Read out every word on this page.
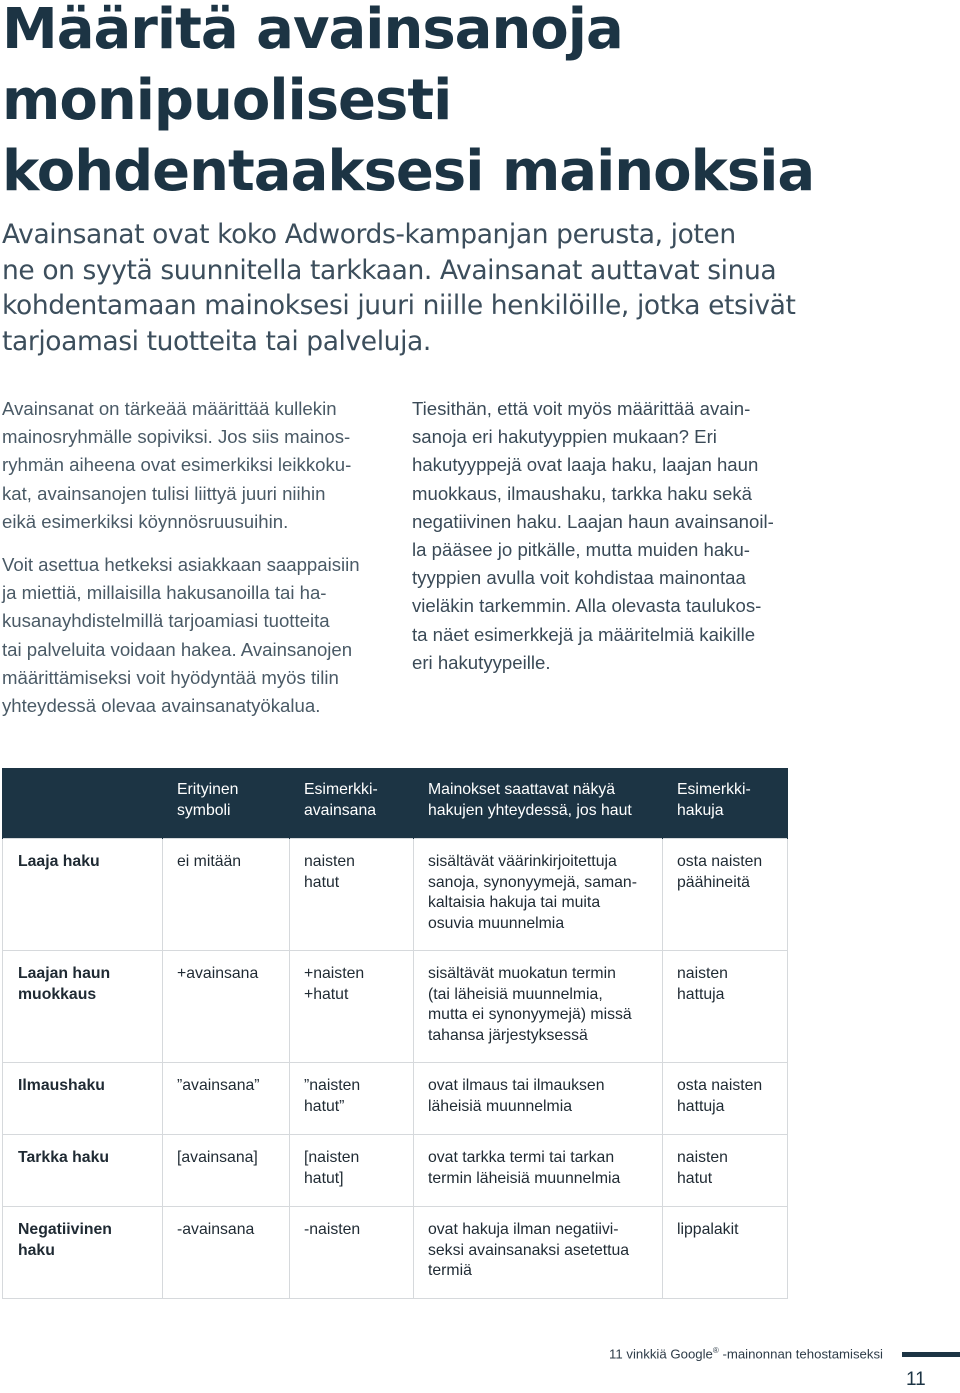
Määritä avainsanoja
monipuolisesti
kohdentaaksesi mainoksia

Avainsanat ovat koko Adwords-kampanjan perusta, joten
ne on syytä suunnitella tarkkaan. Avainsanat auttavat sinua
kohdentamaan mainoksesi juuri niille henkilöille, jotka etsivät
tarjoamasi tuotteita tai palveluja.

Avainsanat on tärkeää määrittää kullekin
mainosryhmälle sopiviksi. Jos siis mainos-
ryhmän aiheena ovat esimerkiksi leikkoku-
kat, avainsanojen tulisi liittyä juuri niihin
eikä esimerkiksi köynnösruusuihin.

Voit asettua hetkeksi asiakkaan saappaisiin
ja miettiä, millaisilla hakusanoilla tai ha-
kusanayhdistelmillä tarjoamiasi tuotteita
tai palveluita voidaan hakea. Avainsanojen
määrittämiseksi voit hyödyntää myös tilin
yhteydessä olevaa avainsanatyökalua.

Tiesithän, että voit myös määrittää avain-
sanoja eri hakutyyppien mukaan? Eri
hakutyyppejä ovat laaja haku, laajan haun
muokkaus, ilmaushaku, tarkka haku sekä
negatiivinen haku. Laajan haun avainsanoil-
la pääsee jo pitkälle, mutta muiden haku-
tyyppien avulla voit kohdistaa mainontaa
vieläkin tarkemmin. Alla olevasta taulukos-
ta näet esimerkkejä ja määritelmiä kaikille
eri hakutyypeille.

	Erityinen
symboli	Esimerkki-
avainsana	Mainokset saattavat näkyä
hakujen yhteydessä, jos haut	Esimerkki-
hakuja

Laaja haku	ei mitään	naisten
hatut	sisältävät väärinkirjoitettuja
sanoja, synonyymejä, saman-
kaltaisia hakuja tai muita
osuvia muunnelmia	osta naisten
päähineitä

Laajan haun
muokkaus	+avainsana	+naisten
+hatut	sisältävät muokatun termin
(tai läheisiä muunnelmia,
mutta ei synonyymejä) missä
tahansa järjestyksessä	naisten
hattuja

Ilmaushaku	”avainsana”	”naisten
hatut”	ovat ilmaus tai ilmauksen
läheisiä muunnelmia	osta naisten
hattuja

Tarkka haku	[avainsana]	[naisten
hatut]	ovat tarkka termi tai tarkan
termin läheisiä muunnelmia	naisten
hatut

Negatiivinen
haku	-avainsana	-naisten	ovat hakuja ilman negatiivi-
seksi avainsanaksi asetettua
termiä	lippalakit
11 vinkkiä Google® -mainonnan tehostamiseksi
11
